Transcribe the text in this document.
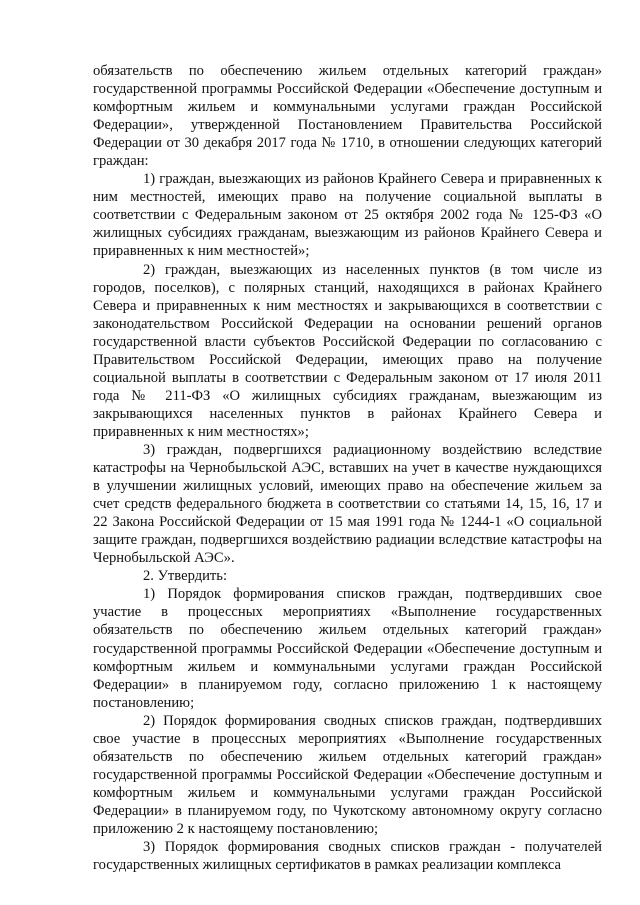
обязательств по обеспечению жильем отдельных категорий граждан» государственной программы Российской Федерации «Обеспечение доступным и комфортным жильем и коммунальными услугами граждан Российской Федерации», утвержденной Постановлением Правительства Российской Федерации от 30 декабря 2017 года № 1710, в отношении следующих категорий граждан:

1) граждан, выезжающих из районов Крайнего Севера и приравненных к ним местностей, имеющих право на получение социальной выплаты в соответствии с Федеральным законом от 25 октября 2002 года № 125-ФЗ «О жилищных субсидиях гражданам, выезжающим из районов Крайнего Севера и приравненных к ним местностей»;

2) граждан, выезжающих из населенных пунктов (в том числе из городов, поселков), с полярных станций, находящихся в районах Крайнего Севера и приравненных к ним местностях и закрывающихся в соответствии с законодательством Российской Федерации на основании решений органов государственной власти субъектов Российской Федерации по согласованию с Правительством Российской Федерации, имеющих право на получение социальной выплаты в соответствии с Федеральным законом от 17 июля 2011 года № 211-ФЗ «О жилищных субсидиях гражданам, выезжающим из закрывающихся населенных пунктов в районах Крайнего Севера и приравненных к ним местностях»;

3) граждан, подвергшихся радиационному воздействию вследствие катастрофы на Чернобыльской АЭС, вставших на учет в качестве нуждающихся в улучшении жилищных условий, имеющих право на обеспечение жильем за счет средств федерального бюджета в соответствии со статьями 14, 15, 16, 17 и 22 Закона Российской Федерации от 15 мая 1991 года № 1244-1 «О социальной защите граждан, подвергшихся воздействию радиации вследствие катастрофы на Чернобыльской АЭС».

2. Утвердить:

1) Порядок формирования списков граждан, подтвердивших свое участие в процессных мероприятиях «Выполнение государственных обязательств по обеспечению жильем отдельных категорий граждан» государственной программы Российской Федерации «Обеспечение доступным и комфортным жильем и коммунальными услугами граждан Российской Федерации» в планируемом году, согласно приложению 1 к настоящему постановлению;

2) Порядок формирования сводных списков граждан, подтвердивших свое участие в процессных мероприятиях «Выполнение государственных обязательств по обеспечению жильем отдельных категорий граждан» государственной программы Российской Федерации «Обеспечение доступным и комфортным жильем и коммунальными услугами граждан Российской Федерации» в планируемом году, по Чукотскому автономному округу согласно приложению 2 к настоящему постановлению;

3) Порядок формирования сводных списков граждан - получателей государственных жилищных сертификатов в рамках реализации комплекса
